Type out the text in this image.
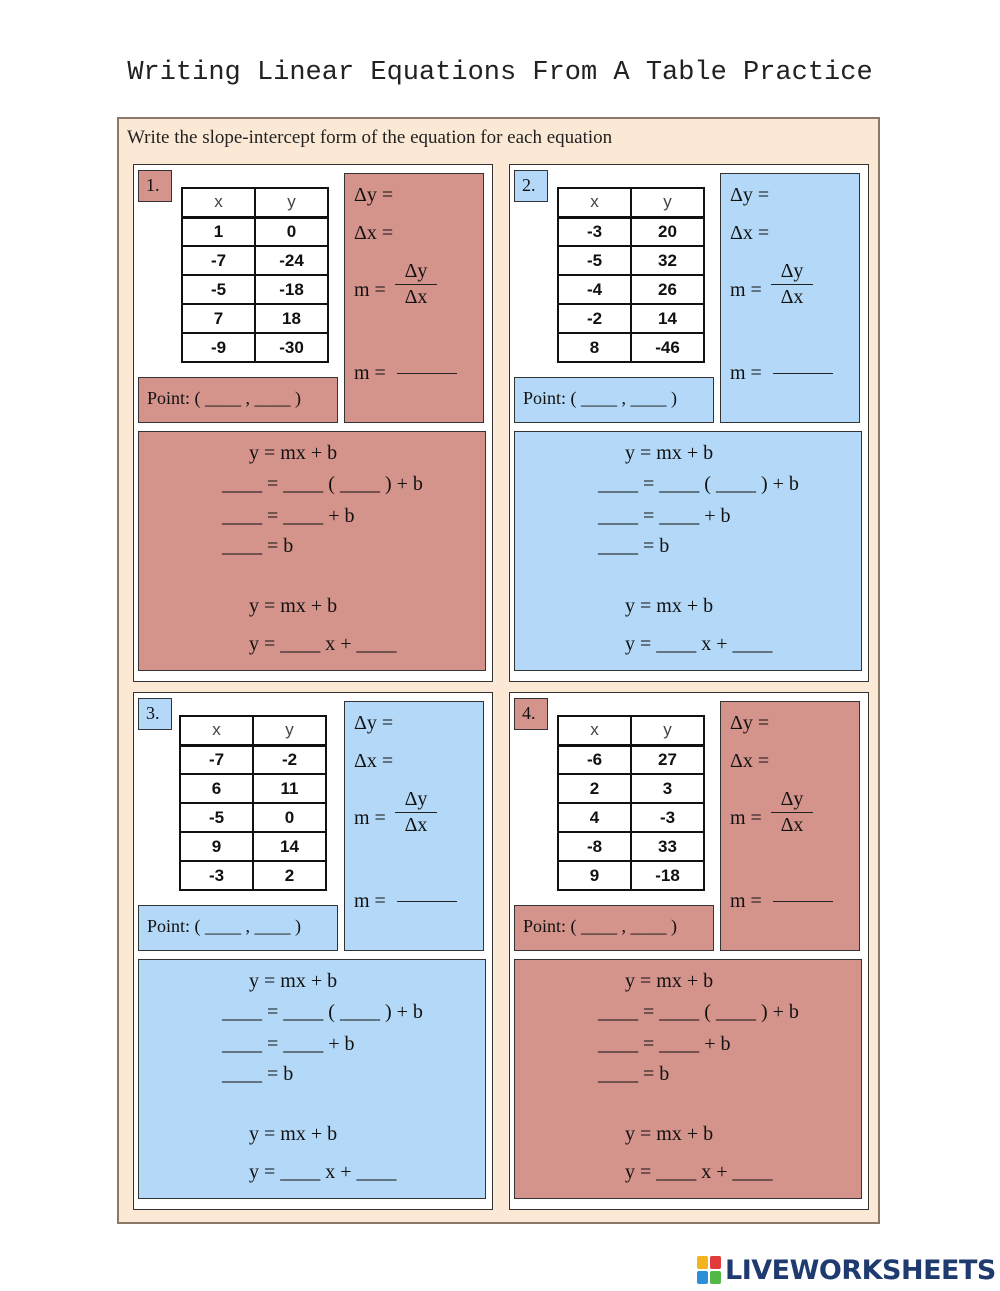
Writing Linear Equations From A Table Practice
Write the slope-intercept form of the equation for each equation
1.
x	y
1	0
-7	-24
-5	-18
7	18
-9	-30
Point: ( ____ , ____ )
Δy =
Δx =
$m = \frac{\Delta y}{\Delta x}$
m =
y = mx + b
____ = ____ ( ____ ) + b
____ = ____ + b
____ = b
y = mx + b
y = ____ x + ____
2.
x	y
-3	20
-5	32
-4	26
-2	14
8	-46
Point: ( ____ , ____ )
Δy =
Δx =
$m = \frac{\Delta y}{\Delta x}$
m =
y = mx + b
____ = ____ ( ____ ) + b
____ = ____ + b
____ = b
y = mx + b
y = ____ x + ____
3.
x	y
-7	-2
6	11
-5	0
9	14
-3	2
Point: ( ____ , ____ )
Δy =
Δx =
$m = \frac{\Delta y}{\Delta x}$
m =
y = mx + b
____ = ____ ( ____ ) + b
____ = ____ + b
____ = b
y = mx + b
y = ____ x + ____
4.
x	y
-6	27
2	3
4	-3
-8	33
9	-18
Point: ( ____ , ____ )
Δy =
Δx =
$m = \frac{\Delta y}{\Delta x}$
m =
y = mx + b
____ = ____ ( ____ ) + b
____ = ____ + b
____ = b
y = mx + b
y = ____ x + ____
LIVEWORKSHEETS
